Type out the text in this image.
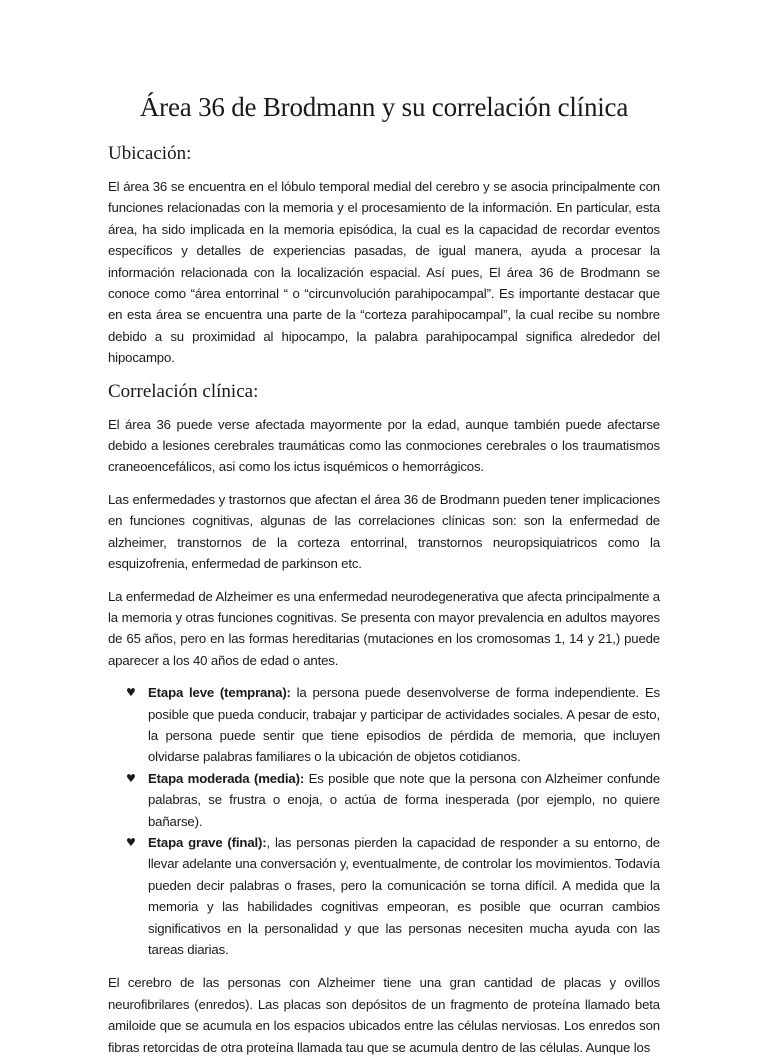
Área 36 de Brodmann y su correlación clínica
Ubicación:

El área 36 se encuentra en el lóbulo temporal medial del cerebro y se asocia principalmente con funciones relacionadas con la memoria y el procesamiento de la información. En particular, esta área, ha sido implicada en la memoria episódica, la cual es la capacidad de recordar eventos específicos y detalles de experiencias pasadas, de igual manera, ayuda a procesar la información relacionada con la localización espacial. Así pues, El área 36 de Brodmann se conoce como “área entorrinal “ o “circunvolución parahipocampal”. Es importante destacar que en esta área se encuentra una parte de la “corteza parahipocampal”, la cual recibe su nombre debido a su proximidad al hipocampo, la palabra parahipocampal significa alrededor del hipocampo.

Correlación clínica:

El área 36 puede verse afectada mayormente por la edad, aunque también puede afectarse debido a lesiones cerebrales traumáticas como las conmociones cerebrales o los traumatismos craneoencefálicos, asi como los ictus isquémicos o hemorrágicos.

Las enfermedades y trastornos que afectan el área 36 de Brodmann pueden tener implicaciones en funciones cognitivas, algunas de las correlaciones clínicas son: son la enfermedad de alzheimer, transtornos de la corteza entorrinal, transtornos neuropsiquiatricos como la esquizofrenia, enfermedad de parkinson etc.

La enfermedad de Alzheimer es una enfermedad neurodegenerativa que afecta principalmente a la memoria y otras funciones cognitivas. Se presenta con mayor prevalencia en adultos mayores de 65 años, pero en las formas hereditarias (mutaciones en los cromosomas 1, 14 y 21,) puede aparecer a los 40 años de edad o antes.

♥ Etapa leve (temprana): la persona puede desenvolverse de forma independiente. Es posible que pueda conducir, trabajar y participar de actividades sociales. A pesar de esto, la persona puede sentir que tiene episodios de pérdida de memoria, que incluyen olvidarse palabras familiares o la ubicación de objetos cotidianos.
♥ Etapa moderada (media): Es posible que note que la persona con Alzheimer confunde palabras, se frustra o enoja, o actúa de forma inesperada (por ejemplo, no quiere bañarse).
♥ Etapa grave (final):, las personas pierden la capacidad de responder a su entorno, de llevar adelante una conversación y, eventualmente, de controlar los movimientos. Todavía pueden decir palabras o frases, pero la comunicación se torna difícil. A medida que la memoria y las habilidades cognitivas empeoran, es posible que ocurran cambios significativos en la personalidad y que las personas necesiten mucha ayuda con las tareas diarias.

El cerebro de las personas con Alzheimer tiene una gran cantidad de placas y ovillos neurofibrilares (enredos). Las placas son depósitos de un fragmento de proteína llamado beta amiloide que se acumula en los espacios ubicados entre las células nerviosas. Los enredos son fibras retorcidas de otra proteína llamada tau que se acumula dentro de las células. Aunque los
